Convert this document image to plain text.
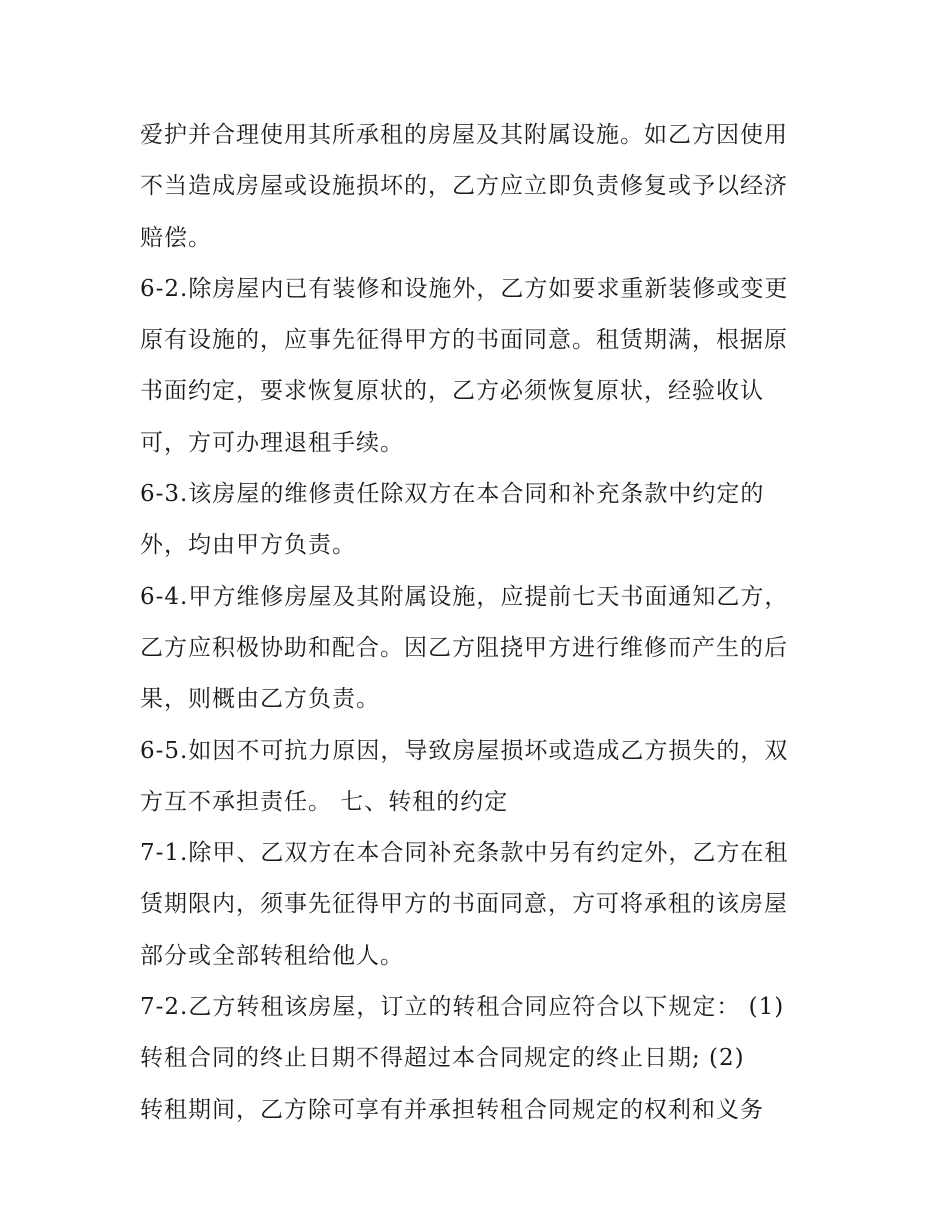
爱护并合理使用其所承租的房屋及其附属设施。如乙方因使用
不当造成房屋或设施损坏的，乙方应立即负责修复或予以经济
赔偿。
6-2.除房屋内已有装修和设施外，乙方如要求重新装修或变更
原有设施的，应事先征得甲方的书面同意。租赁期满，根据原
书面约定，要求恢复原状的，乙方必须恢复原状，经验收认
可，方可办理退租手续。
6-3.该房屋的维修责任除双方在本合同和补充条款中约定的
外，均由甲方负责。
6-4.甲方维修房屋及其附属设施，应提前七天书面通知乙方，
乙方应积极协助和配合。因乙方阻挠甲方进行维修而产生的后
果，则概由乙方负责。
6-5.如因不可抗力原因，导致房屋损坏或造成乙方损失的，双
方互不承担责任。 七、转租的约定
7-1.除甲、乙双方在本合同补充条款中另有约定外，乙方在租
赁期限内，须事先征得甲方的书面同意，方可将承租的该房屋
部分或全部转租给他人。
7-2.乙方转租该房屋，订立的转租合同应符合以下规定： (1)
转租合同的终止日期不得超过本合同规定的终止日期; (2)
转租期间，乙方除可享有并承担转租合同规定的权利和义务
